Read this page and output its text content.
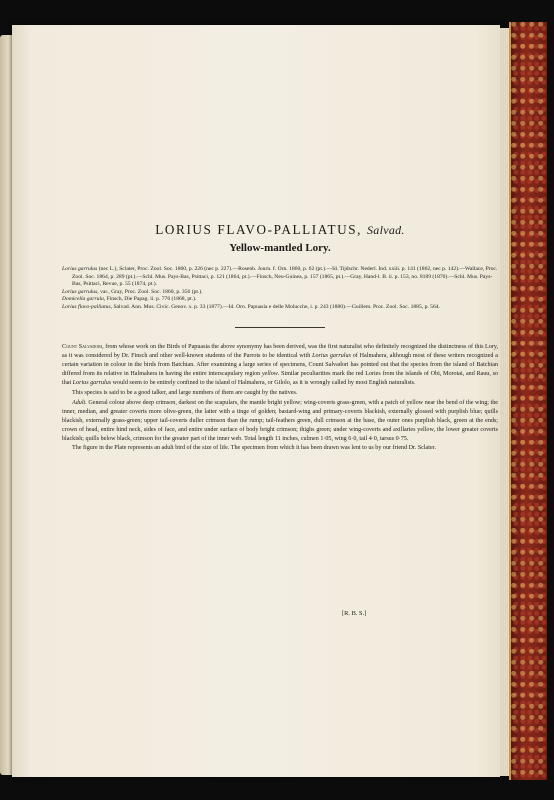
LORIUS FLAVO-PALLIATUS, Salvad.
Yellow-mantled Lory.

Lorius garrulus (nec L.), Sclater, Proc. Zool. Soc. 1860, p. 226 (nec p. 227).—Rosenb. Journ. f. Orn. 1860, p. 62 (pt.).—Id. Tijdschr. Nederl. Ind. xxiii. p. 141 (1862, nec p. 142).—Wallace, Proc. Zool. Soc. 1864, p. 289 (pt.).—Schl. Mus. Pays-Bas, Psittaci, p. 121 (1864, pt.).—Finsch, Neu-Guinea, p. 157 (1865, pt.).—Gray, Hand-l. B. ii. p. 153, no. 8189 (1870).—Schl. Mus. Pays-Bas, Psittaci, Revue, p. 55 (1874, pt.).

Lorius garrulus, var., Gray, Proc. Zool. Soc. 1860, p. 356 (pt.).

Domicella garrula, Finsch, Die Papag. ii. p. 776 (1868, pt.).

Lorius flavo-palliatus, Salvad. Ann. Mus. Civic. Genov. x. p. 33 (1877).—Id. Orn. Papuasia e delle Molucche, i. p. 243 (1880).—Guillem. Proc. Zool. Soc. 1885, p. 564.

Count Salvadori, from whose work on the Birds of Papuasia the above synonymy has been derived, was the first naturalist who definitely recognized the distinctness of this Lory, as it was considered by Dr. Finsch and other well-known students of the Parrots to be identical with Lorius garrulus of Halmahera, although most of these writers recognized a certain variation in colour in the birds from Batchian. After examining a large series of specimens, Count Salvadori has pointed out that the species from the island of Batchian differed from its relative in Halmahera in having the entire interscapulary region yellow. Similar peculiarities mark the red Lories from the islands of Obi, Morotai, and Rauu, so that Lorius garrulus would seem to be entirely confined to the island of Halmahera, or Gilolo, as it is wrongly called by most English naturalists.

This species is said to be a good talker, and large numbers of them are caught by the natives.

Adult. General colour above deep crimson, darkest on the scapulars, the mantle bright yellow; wing-coverts grass-green, with a patch of yellow near the bend of the wing; the inner, median, and greater coverts more olive-green, the latter with a tinge of golden; bastard-wing and primary-coverts blackish, externally glossed with purplish blue; quills blackish, externally grass-green; upper tail-coverts duller crimson than the rump; tail-feathers green, dull crimson at the base, the outer ones purplish black, green at the ends; crown of head, entire hind neck, sides of face, and entire under surface of body bright crimson; thighs green; under wing-coverts and axillaries yellow, the lower greater coverts blackish; quills below black, crimson for the greater part of the inner web. Total length 11 inches, culmen 1·05, wing 6·0, tail 4·0, tarsus 0·75.

The figure in the Plate represents an adult bird of the size of life. The specimen from which it has been drawn was lent to us by our friend Dr. Sclater.

[R. B. S.]
